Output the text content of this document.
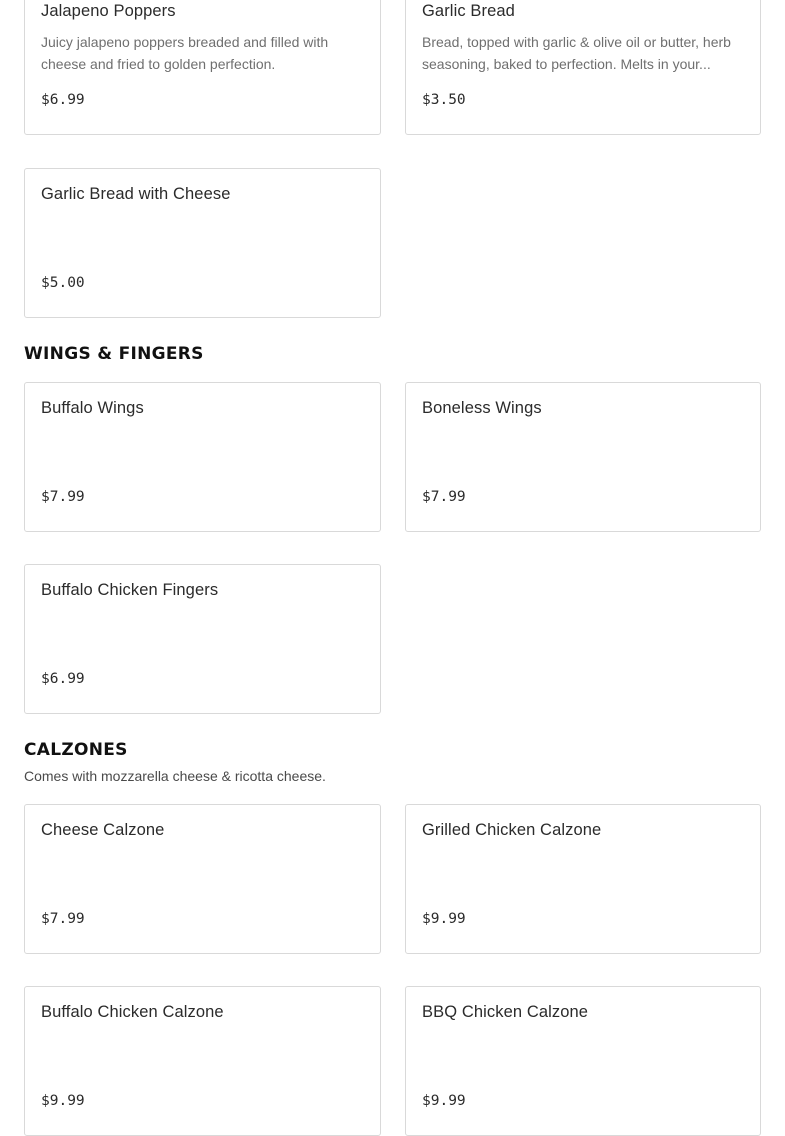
Jalapeno Poppers
Juicy jalapeno poppers breaded and filled with cheese and fried to golden perfection.
$6.99
Garlic Bread
Bread, topped with garlic & olive oil or butter, herb seasoning, baked to perfection. Melts in your...
$3.50
Garlic Bread with Cheese
$5.00
WINGS & FINGERS
Buffalo Wings
$7.99
Boneless Wings
$7.99
Buffalo Chicken Fingers
$6.99
CALZONES

Comes with mozzarella cheese & ricotta cheese.

Cheese Calzone
$7.99
Grilled Chicken Calzone
$9.99
Buffalo Chicken Calzone
$9.99
BBQ Chicken Calzone
$9.99
